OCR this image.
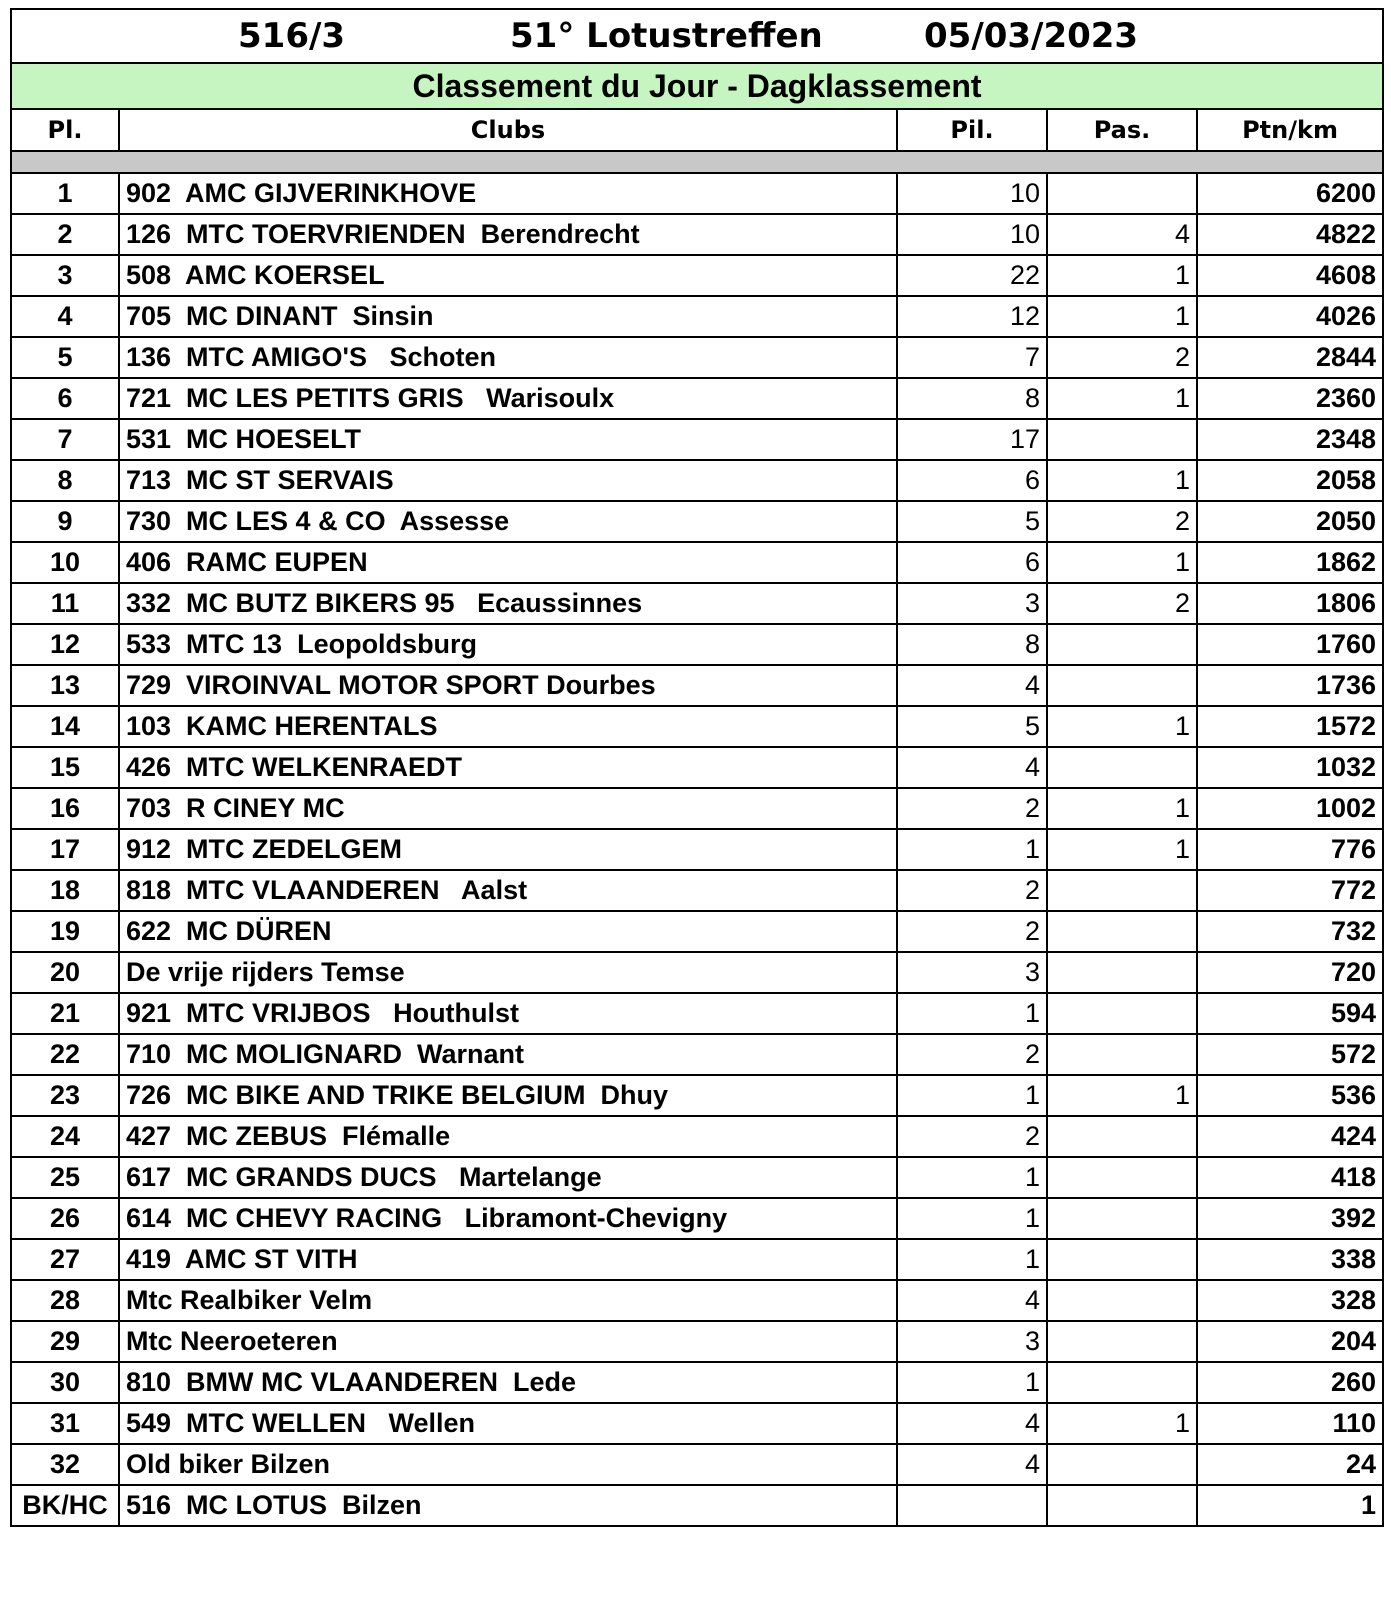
516/3 51° Lotustreffen 05/03/2023				

Classement du Jour - Dagklassement				
Pl.	Clubs	Pil.	Pas.	Ptn/km

1	902  AMC GIJVERINKHOVE	10		6200
2	126  MTC TOERVRIENDEN  Berendrecht	10	4	4822
3	508  AMC KOERSEL	22	1	4608
4	705  MC DINANT  Sinsin	12	1	4026
5	136  MTC AMIGO'S   Schoten	7	2	2844
6	721  MC LES PETITS GRIS   Warisoulx	8	1	2360
7	531  MC HOESELT	17		2348
8	713  MC ST SERVAIS	6	1	2058
9	730  MC LES 4 & CO  Assesse	5	2	2050
10	406  RAMC EUPEN	6	1	1862
11	332  MC BUTZ BIKERS 95   Ecaussinnes	3	2	1806
12	533  MTC 13  Leopoldsburg	8		1760
13	729  VIROINVAL MOTOR SPORT Dourbes	4		1736
14	103  KAMC HERENTALS	5	1	1572
15	426  MTC WELKENRAEDT	4		1032
16	703  R CINEY MC	2	1	1002
17	912  MTC ZEDELGEM	1	1	776
18	818  MTC VLAANDEREN   Aalst	2		772
19	622  MC DÜREN	2		732
20	De vrije rijders Temse	3		720
21	921  MTC VRIJBOS   Houthulst	1		594
22	710  MC MOLIGNARD  Warnant	2		572
23	726  MC BIKE AND TRIKE BELGIUM  Dhuy	1	1	536
24	427  MC ZEBUS  Flémalle	2		424
25	617  MC GRANDS DUCS   Martelange	1		418
26	614  MC CHEVY RACING   Libramont-Chevigny	1		392
27	419  AMC ST VITH	1		338
28	Mtc Realbiker Velm	4		328
29	Mtc Neeroeteren	3		204
30	810  BMW MC VLAANDEREN  Lede	1		260
31	549  MTC WELLEN   Wellen	4	1	110
32	Old biker Bilzen	4		24
BK/HC	516  MC LOTUS  Bilzen			1
